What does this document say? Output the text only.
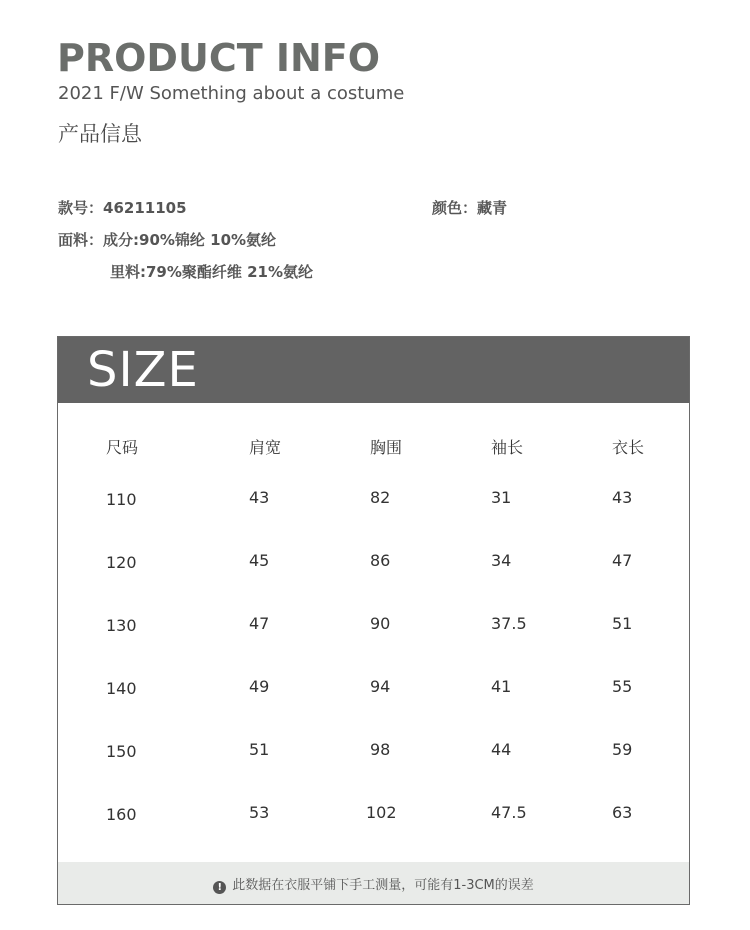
PRODUCT INFO
2021 F/W Something about a costume
产品信息
款号：46211105	颜色：藏青
面料：成分:90%锦纶 10%氨纶
里料:79%聚酯纤维 21%氨纶
SIZE
尺码	肩宽	胸围	袖长	衣长
110	43	82	31	43
120	45	86	34	47
130	47	90	37.5	51
140	49	94	41	55
150	51	98	44	59
160	53	102	47.5	63
! 此数据在衣服平铺下手工测量，可能有1-3CM的误差
